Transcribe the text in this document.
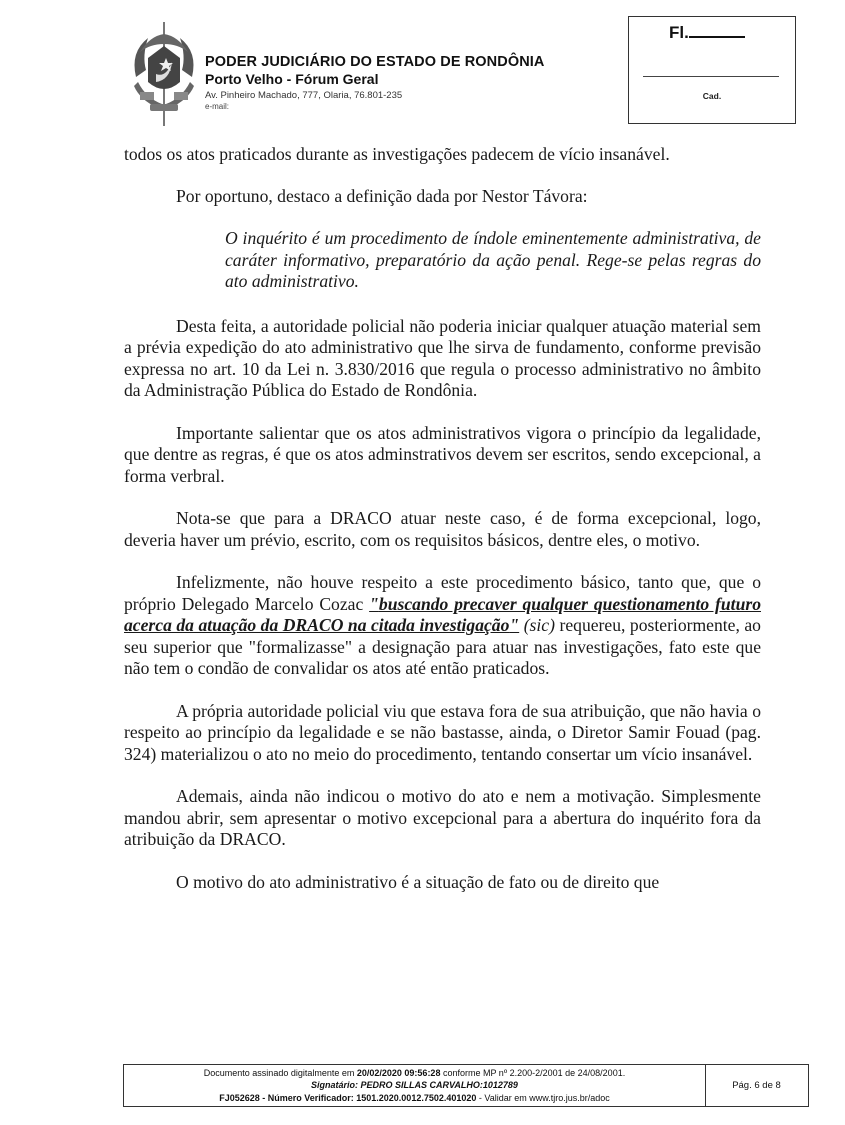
PODER JUDICIÁRIO DO ESTADO DE RONDÔNIA
Porto Velho - Fórum Geral
Av. Pinheiro Machado, 777, Olaria, 76.801-235
e-mail:
Fl.
Cad.

todos os atos praticados durante as investigações padecem de vício insanável.

Por oportuno, destaco a definição dada por Nestor Távora:

O inquérito é um procedimento de índole eminentemente administrativa, de caráter informativo, preparatório da ação penal. Rege-se pelas regras do ato administrativo.

Desta feita, a autoridade policial não poderia iniciar qualquer atuação material sem a prévia expedição do ato administrativo que lhe sirva de fundamento, conforme previsão expressa no art. 10 da Lei n. 3.830/2016 que regula o processo administrativo no âmbito da Administração Pública do Estado de Rondônia.

Importante salientar que os atos administrativos vigora o princípio da legalidade, que dentre as regras, é que os atos adminstrativos devem ser escritos, sendo excepcional, a forma verbral.

Nota-se que para a DRACO atuar neste caso, é de forma excepcional, logo, deveria haver um prévio, escrito, com os requisitos básicos, dentre eles, o motivo.

Infelizmente, não houve respeito a este procedimento básico, tanto que, que o próprio Delegado Marcelo Cozac "buscando precaver qualquer questionamento futuro acerca da atuação da DRACO na citada investigação" (sic) requereu, posteriormente, ao seu superior que "formalizasse" a designação para atuar nas investigações, fato este que não tem o condão de convalidar os atos até então praticados.

A própria autoridade policial viu que estava fora de sua atribuição, que não havia o respeito ao princípio da legalidade e se não bastasse, ainda, o Diretor Samir Fouad (pag. 324) materializou o ato no meio do procedimento, tentando consertar um vício insanável.

Ademais, ainda não indicou o motivo do ato e nem a motivação. Simplesmente mandou abrir, sem apresentar o motivo excepcional para a abertura do inquérito fora da atribuição da DRACO.

O motivo do ato administrativo é a situação de fato ou de direito que

Documento assinado digitalmente em 20/02/2020 09:56:28 conforme MP nº 2.200-2/2001 de 24/08/2001.
Signatário: PEDRO SILLAS CARVALHO:1012789
FJ052628 - Número Verificador: 1501.2020.0012.7502.401020 - Validar em www.tjro.jus.br/adoc
Pág. 6 de 8
